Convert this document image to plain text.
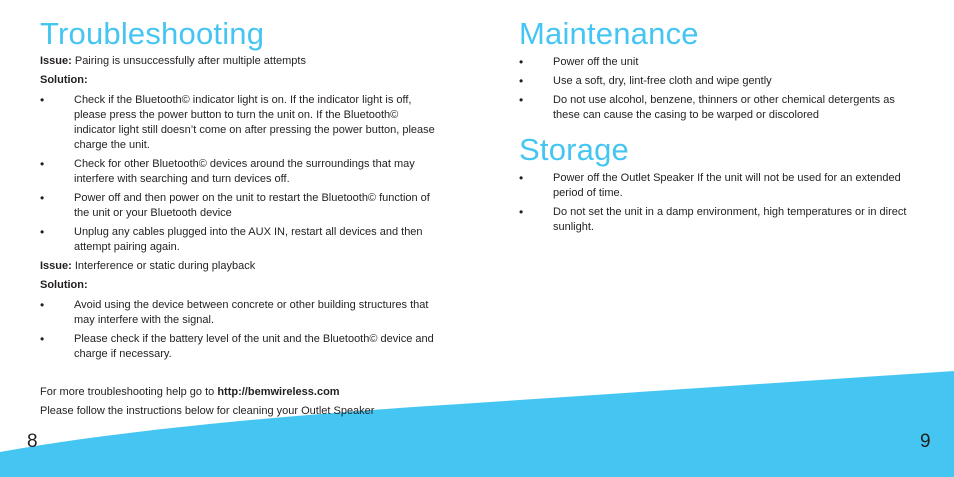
Troubleshooting

Issue: Pairing is unsuccessfully after multiple attempts

Solution:

•	Check if the Bluetooth© indicator light is on. If the indicator light is off, please press the power button to turn the unit on. If the Bluetooth© indicator light still doesn’t come on after pressing the power button, please charge the unit.
•	Check for other Bluetooth© devices around the surroundings that may interfere with searching and turn devices off.
•	Power off and then power on the unit to restart the Bluetooth© function of the unit or your Bluetooth device
•	Unplug any cables plugged into the AUX IN, restart all devices and then attempt pairing again.

Issue: Interference or static during playback

Solution:

•	Avoid using the device between concrete or other building structures that may interfere with the signal.
•	Please check if the battery level of the unit and the Bluetooth© device and charge if necessary.

For more troubleshooting help go to http://bemwireless.com

Please follow the instructions below for cleaning your Outlet Speaker

Maintenance
•	Power off the unit
•	Use a soft, dry, lint-free cloth and wipe gently
•	Do not use alcohol, benzene, thinners or other chemical detergents as these can cause the casing to be warped or discolored
Storage
•	Power off the Outlet Speaker If the unit will not be used for an extended period of time.
•	Do not set the unit in a damp environment, high temperatures or in direct sunlight.
8	9
